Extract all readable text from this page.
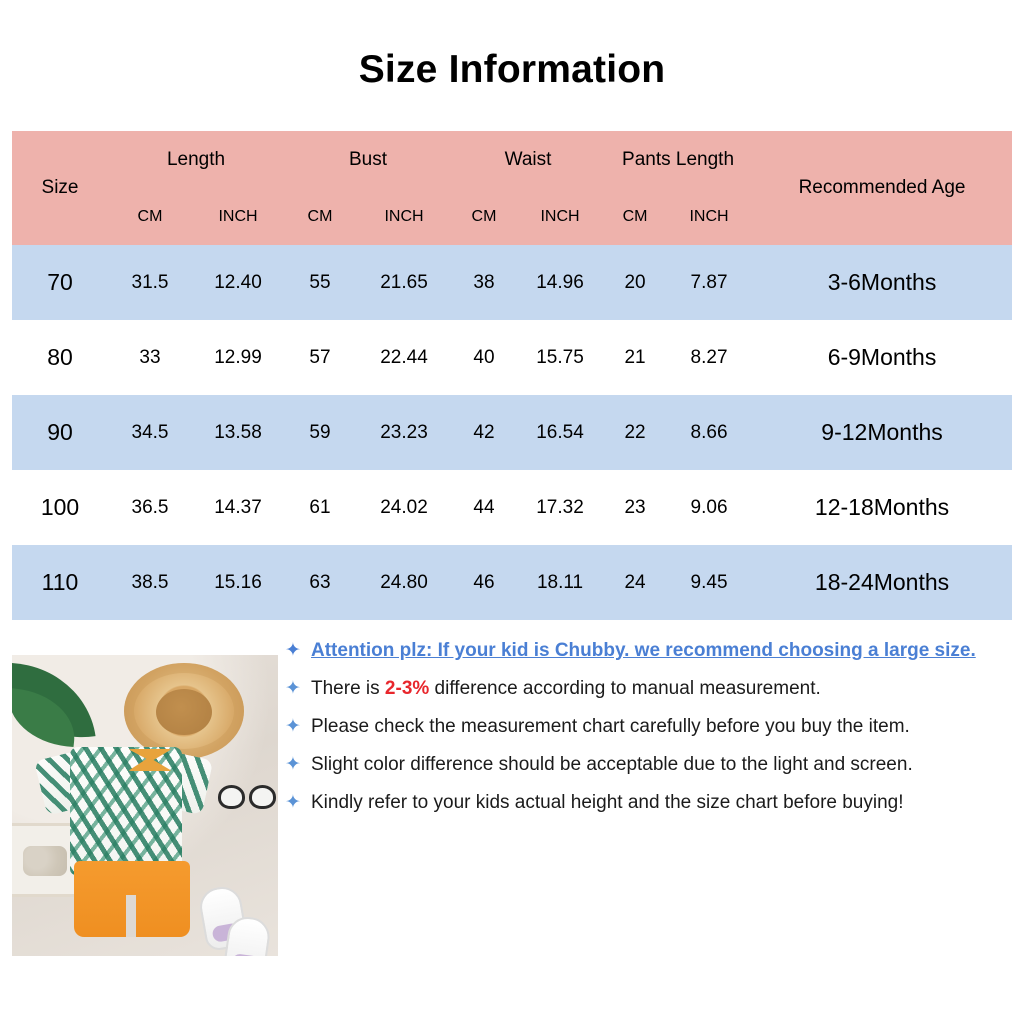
Size Information
Size	Length		Bust		Waist		Pants Length		Recommended Age
	CM	INCH	CM	INCH	CM	INCH	CM	INCH	
70	31.5	12.40	55	21.65	38	14.96	20	7.87	3-6Months
80	33	12.99	57	22.44	40	15.75	21	8.27	6-9Months
90	34.5	13.58	59	23.23	42	16.54	22	8.66	9-12Months
100	36.5	14.37	61	24.02	44	17.32	23	9.06	12-18Months
110	38.5	15.16	63	24.80	46	18.11	24	9.45	18-24Months
✦ Attention plz: If your kid is Chubby. we recommend choosing a large size.
✦ There is 2-3% difference according to manual measurement.
✦ Please check the measurement chart carefully before you buy the item.
✦ Slight color difference should be acceptable due to the light and screen.
✦ Kindly refer to your kids actual height and the size chart before buying!
